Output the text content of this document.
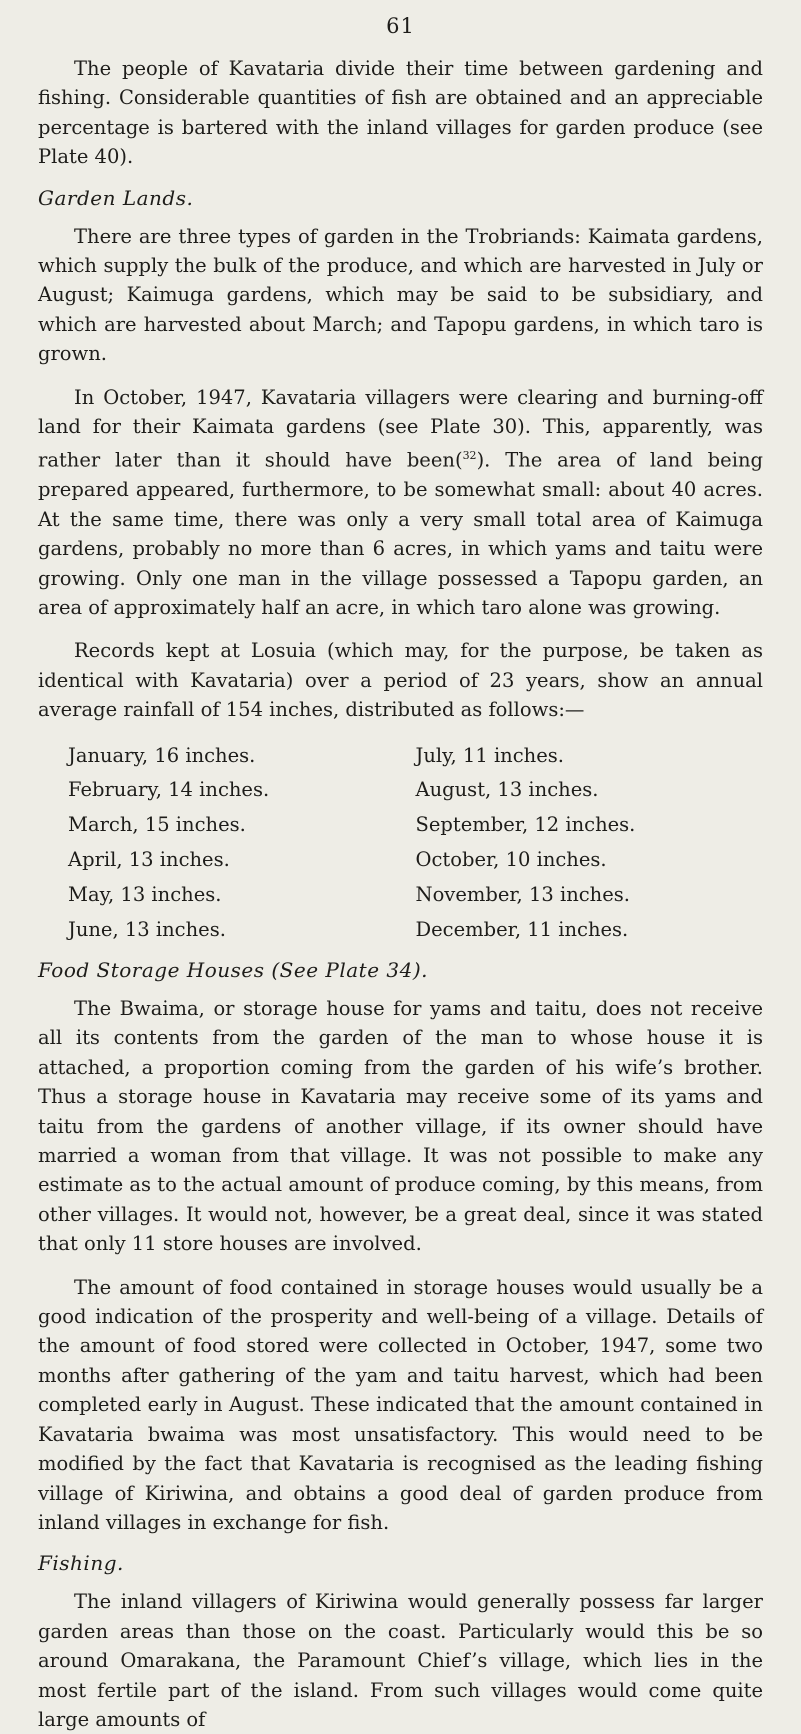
61

The people of Kavataria divide their time between gardening and fishing. Considerable quantities of fish are obtained and an appreciable percentage is bartered with the inland villages for garden produce (see Plate 40).

Garden Lands.

There are three types of garden in the Trobriands: Kaimata gardens, which supply the bulk of the produce, and which are harvested in July or August; Kaimuga gardens, which may be said to be subsidiary, and which are harvested about March; and Tapopu gardens, in which taro is grown.

In October, 1947, Kavataria villagers were clearing and burning-off land for their Kaimata gardens (see Plate 30). This, apparently, was rather later than it should have been($^{32}$). The area of land being prepared appeared, furthermore, to be somewhat small: about 40 acres. At the same time, there was only a very small total area of Kaimuga gardens, probably no more than 6 acres, in which yams and taitu were growing. Only one man in the village possessed a Tapopu garden, an area of approximately half an acre, in which taro alone was growing.

Records kept at Losuia (which may, for the purpose, be taken as identical with Kavataria) over a period of 23 years, show an annual average rainfall of 154 inches, distributed as follows:—

January, 16 inches.	July, 11 inches.
February, 14 inches.	August, 13 inches.
March, 15 inches.	September, 12 inches.
April, 13 inches.	October, 10 inches.
May, 13 inches.	November, 13 inches.
June, 13 inches.	December, 11 inches.
Food Storage Houses (See Plate 34).

The Bwaima, or storage house for yams and taitu, does not receive all its contents from the garden of the man to whose house it is attached, a proportion coming from the garden of his wife’s brother. Thus a storage house in Kavataria may receive some of its yams and taitu from the gardens of another village, if its owner should have married a woman from that village. It was not possible to make any estimate as to the actual amount of produce coming, by this means, from other villages. It would not, however, be a great deal, since it was stated that only 11 store houses are involved.

The amount of food contained in storage houses would usually be a good indication of the prosperity and well-being of a village. Details of the amount of food stored were collected in October, 1947, some two months after gathering of the yam and taitu harvest, which had been completed early in August. These indicated that the amount contained in Kavataria bwaima was most unsatisfactory. This would need to be modified by the fact that Kavataria is recognised as the leading fishing village of Kiriwina, and obtains a good deal of garden produce from inland villages in exchange for fish.

Fishing.

The inland villagers of Kiriwina would generally possess far larger garden areas than those on the coast. Particularly would this be so around Omarakana, the Paramount Chief’s village, which lies in the most fertile part of the island. From such villages would come quite large amounts of
